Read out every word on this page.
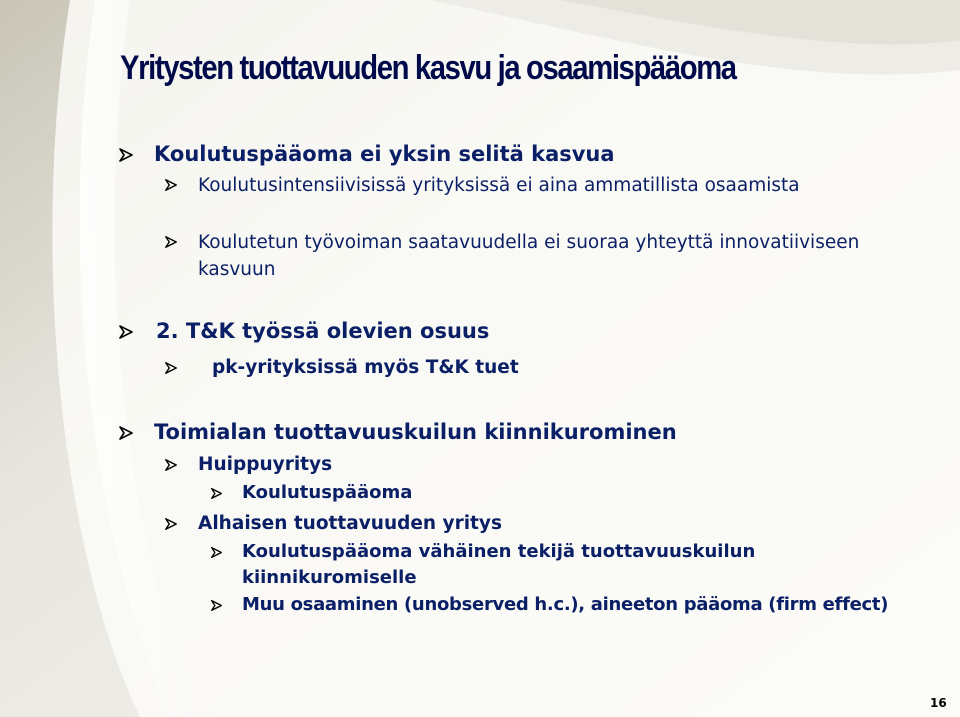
Yritysten tuottavuuden kasvu ja osaamispääoma
Koulutuspääoma ei yksin selitä kasvua
Koulutusintensiivisissä yrityksissä ei aina ammatillista osaamista
Koulutetun työvoiman saatavuudella ei suoraa yhteyttä innovatiiviseen kasvuun
2. T&K työssä olevien osuus
pk-yrityksissä myös T&K tuet
Toimialan tuottavuuskuilun kiinnikurominen
Huippuyritys
Koulutuspääoma
Alhaisen tuottavuuden yritys
Koulutuspääoma vähäinen tekijä tuottavuuskuilun kiinnikuromiselle
Muu osaaminen (unobserved h.c.), aineeton pääoma (firm effect)
16
